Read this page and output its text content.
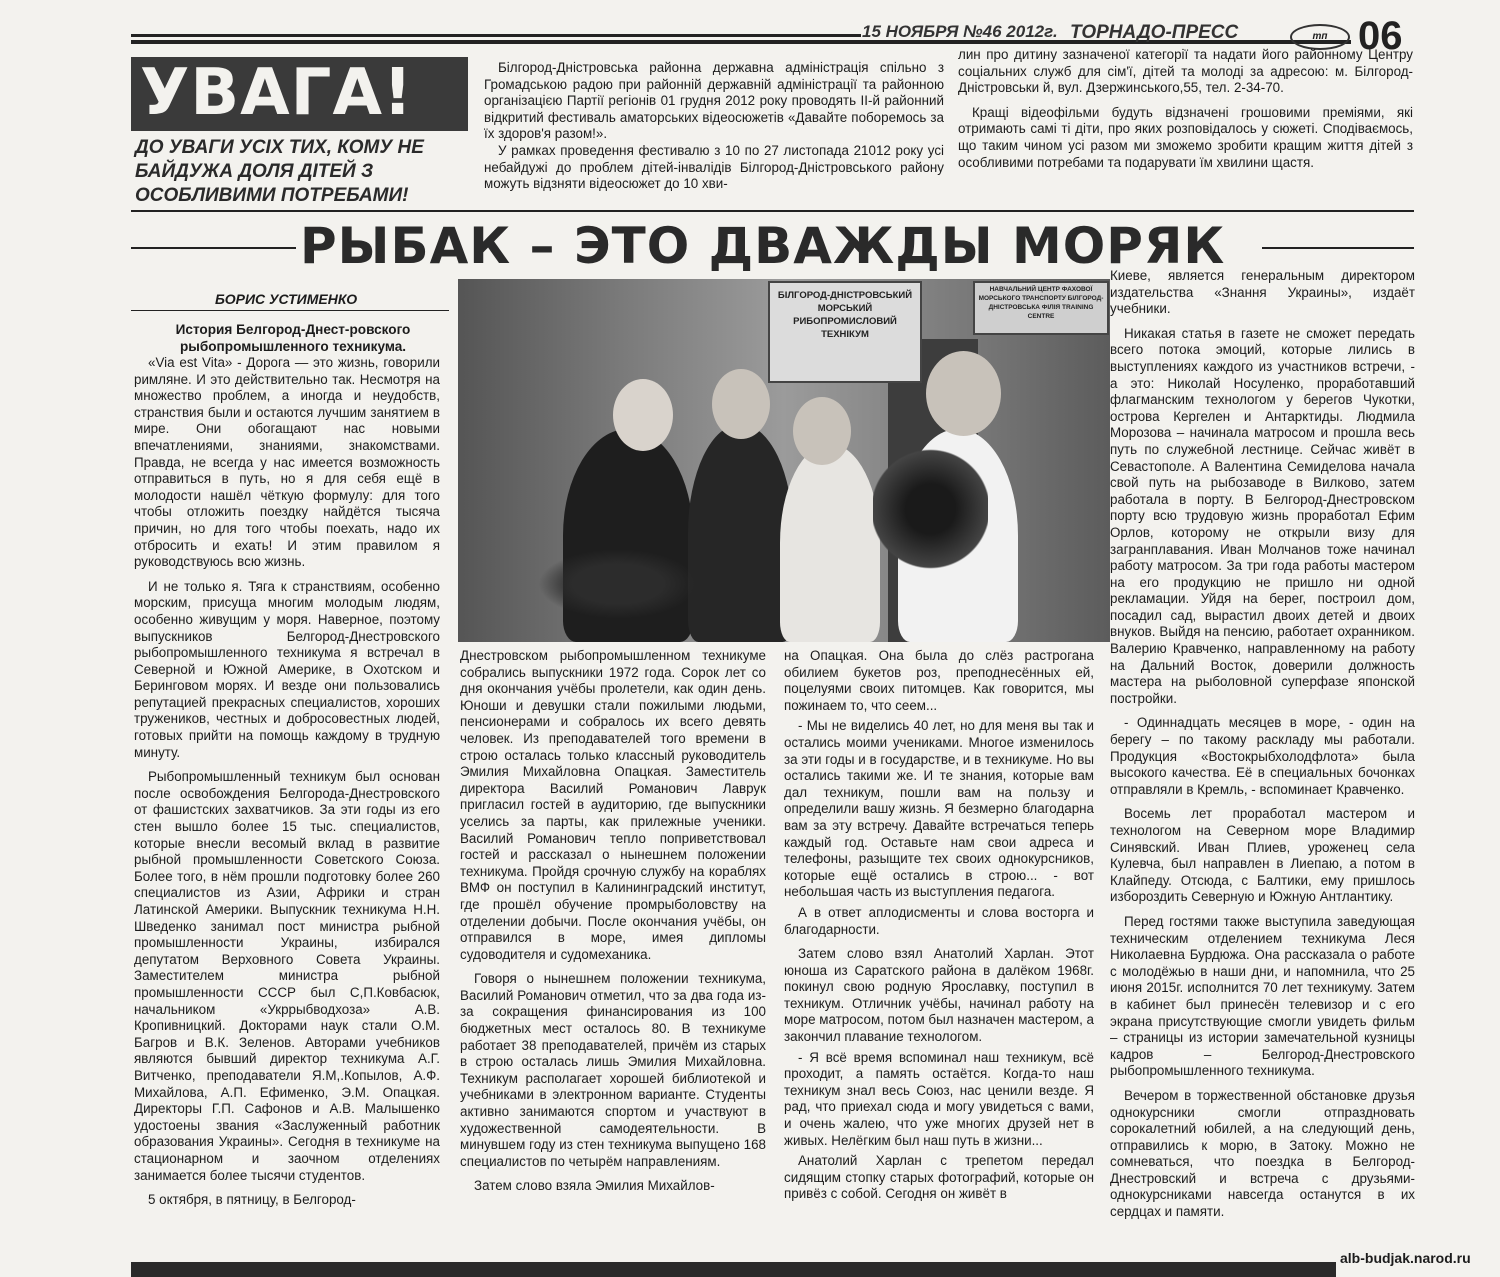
15 НОЯБРЯ №46 2012г. ТОРНАДО-ПРЕСС	тп 06
УВАГА!
ДО УВАГИ УСІХ ТИХ, КОМУ НЕ БАЙДУЖА ДОЛЯ ДІТЕЙ З ОСОБЛИВИМИ ПОТРЕБАМИ!

Білгород-Дністровська районна державна адміністрація спільно з Громадською радою при районній державній адміністрації та районною організацією Партії регіонів 01 грудня 2012 року проводять ІІ-й районний відкритий фестиваль аматорських відеосюжетів «Давайте поборемось за їх здоров'я разом!».

У рамках проведення фестивалю з 10 по 27 листопада 21012 року усі небайдужі до проблем дітей-інвалідів Білгород-Дністровського району можуть відзняти відеосюжет до 10 хви-

лин про дитину зазначеної категорії та надати його районному Центру соціальних служб для сім'ї, дітей та молоді за адресою: м. Білгород-Дністровськи й, вул. Дзержинського,55, тел. 2-34-70.

Кращі відеофільми будуть відзначені грошовими преміями, які отримають самі ті діти, про яких розповідалось у сюжеті. Сподіваємось, що таким чином усі разом ми зможемо зробити кращим життя дітей з особливими потребами та подарувати їм хвилини щастя.

РЫБАК – ЭТО ДВАЖДЫ МОРЯК
БОРИС УСТИМЕНКО
История Белгород-Днест-ровского рыбопромышленного техникума.

«Via est Vita» - Дорога — это жизнь, говорили римляне. И это действительно так. Несмотря на множество проблем, а иногда и неудобств, странствия были и остаются лучшим занятием в мире. Они обогащают нас новыми впечатлениями, знаниями, знакомствами. Правда, не всегда у нас имеется возможность отправиться в путь, но я для себя ещё в молодости нашёл чёткую формулу: для того чтобы отложить поездку найдётся тысяча причин, но для того чтобы поехать, надо их отбросить и ехать! И этим правилом я руководствуюсь всю жизнь.

И не только я. Тяга к странствиям, особенно морским, присуща многим молодым людям, особенно живущим у моря. Наверное, поэтому выпускников Белгород-Днестровского рыбопромышленного техникума я встречал в Северной и Южной Америке, в Охотском и Беринговом морях. И везде они пользовались репутацией прекрасных специалистов, хороших тружеников, честных и добросовестных людей, готовых прийти на помощь каждому в трудную минуту.

Рыбопромышленный техникум был основан после освобождения Белгорода-Днестровского от фашистских захватчиков. За эти годы из его стен вышло более 15 тыс. специалистов, которые внесли весомый вклад в развитие рыбной промышленности Советского Союза. Более того, в нём прошли подготовку более 260 специалистов из Азии, Африки и стран Латинской Америки. Выпускник техникума Н.Н. Шведенко занимал пост министра рыбной промышленности Украины, избирался депутатом Верховного Совета Украины. Заместителем министра рыбной промышленности СССР был С,П.Ковбасюк, начальником «Укррыбводхоза» А.В. Кропивницкий. Докторами наук стали О.М. Багров и В.К. Зеленов. Авторами учебников являются бывший директор техникума А.Г. Витченко, преподаватели Я.М,.Копылов, А.Ф. Михайлова, А.П. Ефименко, Э.М. Опацкая. Директоры Г.П. Сафонов и А.В. Малышенко удостоены звания «Заслуженный работник образования Украины». Сегодня в техникуме на стационарном и заочном отделениях занимается более тысячи студентов.

5 октября, в пятницу, в Белгород-

БІЛГОРОД-ДНІСТРОВСЬКИЙ МОРСЬКИЙ РИБОПРОМИСЛОВИЙ ТЕХНІКУМ
НАВЧАЛЬНИЙ ЦЕНТР ФАХОВОЇ МОРСЬКОГО ТРАНСПОРТУ БІЛГОРОД-ДНІСТРОВСЬКА ФІЛІЯ TRAINING CENTRE

Днестровском рыбопромышленном техникуме собрались выпускники 1972 года. Сорок лет со дня окончания учёбы пролетели, как один день. Юноши и девушки стали пожилыми людьми, пенсионерами и собралось их всего девять человек. Из преподавателей того времени в строю осталась только классный руководитель Эмилия Михайловна Опацкая. Заместитель директора Василий Романович Лаврук пригласил гостей в аудиторию, где выпускники уселись за парты, как прилежные ученики. Василий Романович тепло поприветствовал гостей и рассказал о нынешнем положении техникума. Пройдя срочную службу на кораблях ВМФ он поступил в Калининградский институт, где прошёл обучение промрыболовству на отделении добычи. После окончания учёбы, он отправился в море, имея дипломы судоводителя и судомеханика.

Говоря о нынешнем положении техникума, Василий Романович отметил, что за два года из-за сокращения финансирования из 100 бюджетных мест осталось 80. В техникуме работает 38 преподавателей, причём из старых в строю осталась лишь Эмилия Михайловна. Техникум располагает хорошей библиотекой и учебниками в электронном варианте. Студенты активно занимаются спортом и участвуют в художественной самодеятельности. В минувшем году из стен техникума выпущено 168 специалистов по четырём направлениям.

Затем слово взяла Эмилия Михайлов-

на Опацкая. Она была до слёз растрогана обилием букетов роз, преподнесённых ей, поцелуями своих питомцев. Как говорится, мы пожинаем то, что сеем...

- Мы не виделись 40 лет, но для меня вы так и остались моими учениками. Многое изменилось за эти годы и в государстве, и в техникуме. Но вы остались такими же. И те знания, которые вам дал техникум, пошли вам на пользу и определили вашу жизнь. Я безмерно благодарна вам за эту встречу. Давайте встречаться теперь каждый год. Оставьте нам свои адреса и телефоны, разыщите тех своих однокурсников, которые ещё остались в строю... - вот небольшая часть из выступления педагога.

А в ответ аплодисменты и слова восторга и благодарности.

Затем слово взял Анатолий Харлан. Этот юноша из Саратского района в далёком 1968г. покинул свою родную Ярославку, поступил в техникум. Отличник учёбы, начинал работу на море матросом, потом был назначен мастером, а закончил плавание технологом.

- Я всё время вспоминал наш техникум, всё проходит, а память остаётся. Когда-то наш техникум знал весь Союз, нас ценили везде. Я рад, что приехал сюда и могу увидеться с вами, и очень жалею, что уже многих друзей нет в живых. Нелёгким был наш путь в жизни...

Анатолий Харлан с трепетом передал сидящим стопку старых фотографий, которые он привёз с собой. Сегодня он живёт в

Киеве, является генеральным директором издательства «Знання Украины», издаёт учебники.

Никакая статья в газете не сможет передать всего потока эмоций, которые лились в выступлениях каждого из участников встречи, - а это: Николай Носуленко, проработавший флагманским технологом у берегов Чукотки, острова Кергелен и Антарктиды. Людмила Морозова – начинала матросом и прошла весь путь по служебной лестнице. Сейчас живёт в Севастополе. А Валентина Семиделова начала свой путь на рыбозаводе в Вилково, затем работала в порту. В Белгород-Днестровском порту всю трудовую жизнь проработал Ефим Орлов, которому не открыли визу для загранплавания. Иван Молчанов тоже начинал работу матросом. За три года работы мастером на его продукцию не пришло ни одной рекламации. Уйдя на берег, построил дом, посадил сад, вырастил двоих детей и двоих внуков. Выйдя на пенсию, работает охранником. Валерию Кравченко, направленному на работу на Дальний Восток, доверили должность мастера на рыболовной суперфазе японской постройки.

- Одиннадцать месяцев в море, - один на берегу – по такому раскладу мы работали. Продукция «Востокрыбхолодфлота» была высокого качества. Её в специальных бочонках отправляли в Кремль, - вспоминает Кравченко.

Восемь лет проработал мастером и технологом на Северном море Владимир Синявский. Иван Плиев, уроженец села Кулевча, был направлен в Лиепаю, а потом в Клайпеду. Отсюда, с Балтики, ему пришлось избороздить Северную и Южную Антлантику.

Перед гостями также выступила заведующая техническим отделением техникума Леся Николаевна Бурдюжа. Она рассказала о работе с молодёжью в наши дни, и напомнила, что 25 июня 2015г. исполнится 70 лет техникуму. Затем в кабинет был принесён телевизор и с его экрана присутствующие смогли увидеть фильм – страницы из истории замечательной кузницы кадров – Белгород-Днестровского рыбопромышленного техникума.

Вечером в торжественной обстановке друзья однокурсники смогли отпраздновать сорокалетний юбилей, а на следующий день, отправились к морю, в Затоку. Можно не сомневаться, что поездка в Белгород-Днестровский и встреча с друзьями-однокурсниками навсегда останутся в их сердцах и памяти.

alb-budjak.narod.ru
